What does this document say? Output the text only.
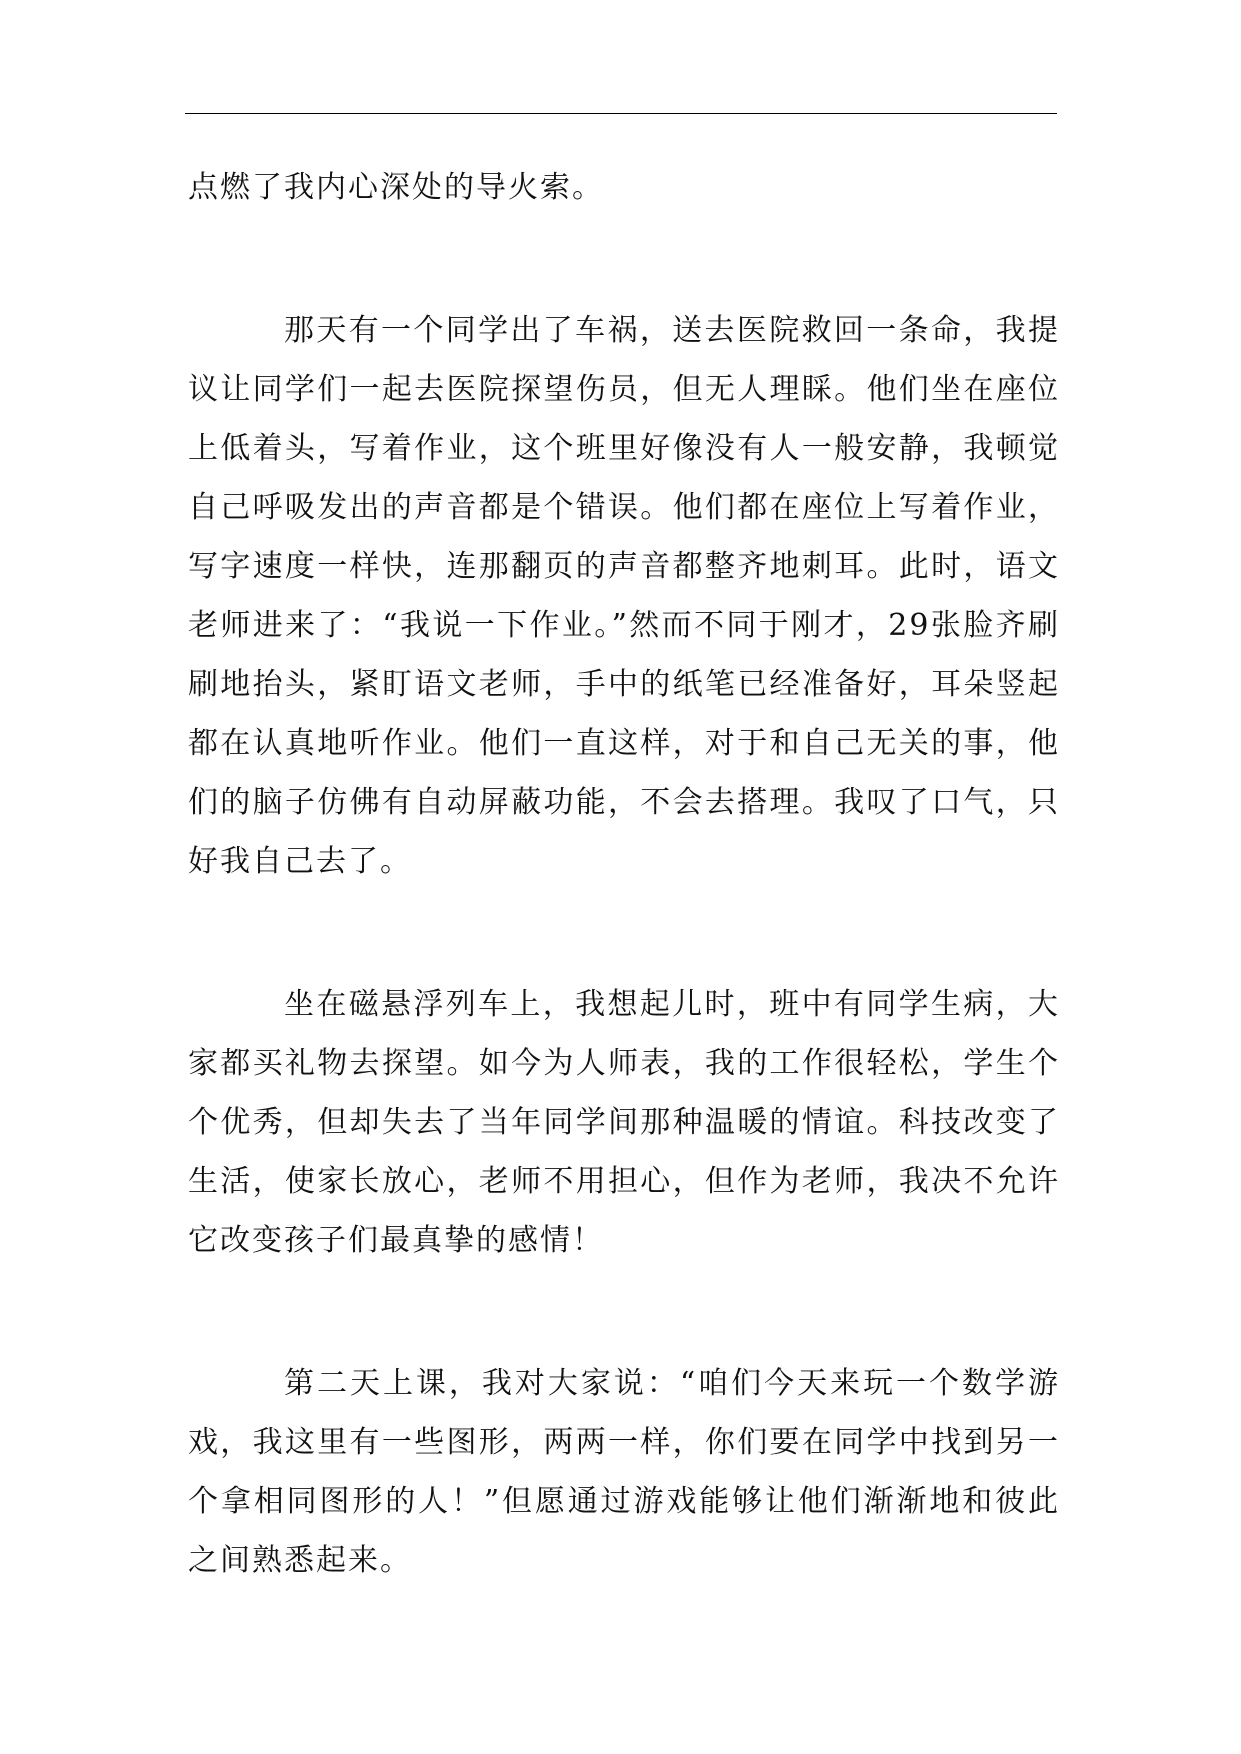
点燃了我内心深处的导火索。

那天有一个同学出了车祸，送去医院救回一条命，我提议让同学们一起去医院探望伤员，但无人理睬。他们坐在座位上低着头，写着作业，这个班里好像没有人一般安静，我顿觉自己呼吸发出的声音都是个错误。他们都在座位上写着作业，写字速度一样快，连那翻页的声音都整齐地刺耳。此时，语文老师进来了：“我说一下作业。”然而不同于刚才，29张脸齐刷刷地抬头，紧盯语文老师，手中的纸笔已经准备好，耳朵竖起都在认真地听作业。他们一直这样，对于和自己无关的事，他们的脑子仿佛有自动屏蔽功能，不会去搭理。我叹了口气，只好我自己去了。

坐在磁悬浮列车上，我想起儿时，班中有同学生病，大家都买礼物去探望。如今为人师表，我的工作很轻松，学生个个优秀，但却失去了当年同学间那种温暖的情谊。科技改变了生活，使家长放心，老师不用担心，但作为老师，我决不允许它改变孩子们最真挚的感情！

第二天上课，我对大家说：“咱们今天来玩一个数学游戏，我这里有一些图形，两两一样，你们要在同学中找到另一个拿相同图形的人！”但愿通过游戏能够让他们渐渐地和彼此之间熟悉起来。
